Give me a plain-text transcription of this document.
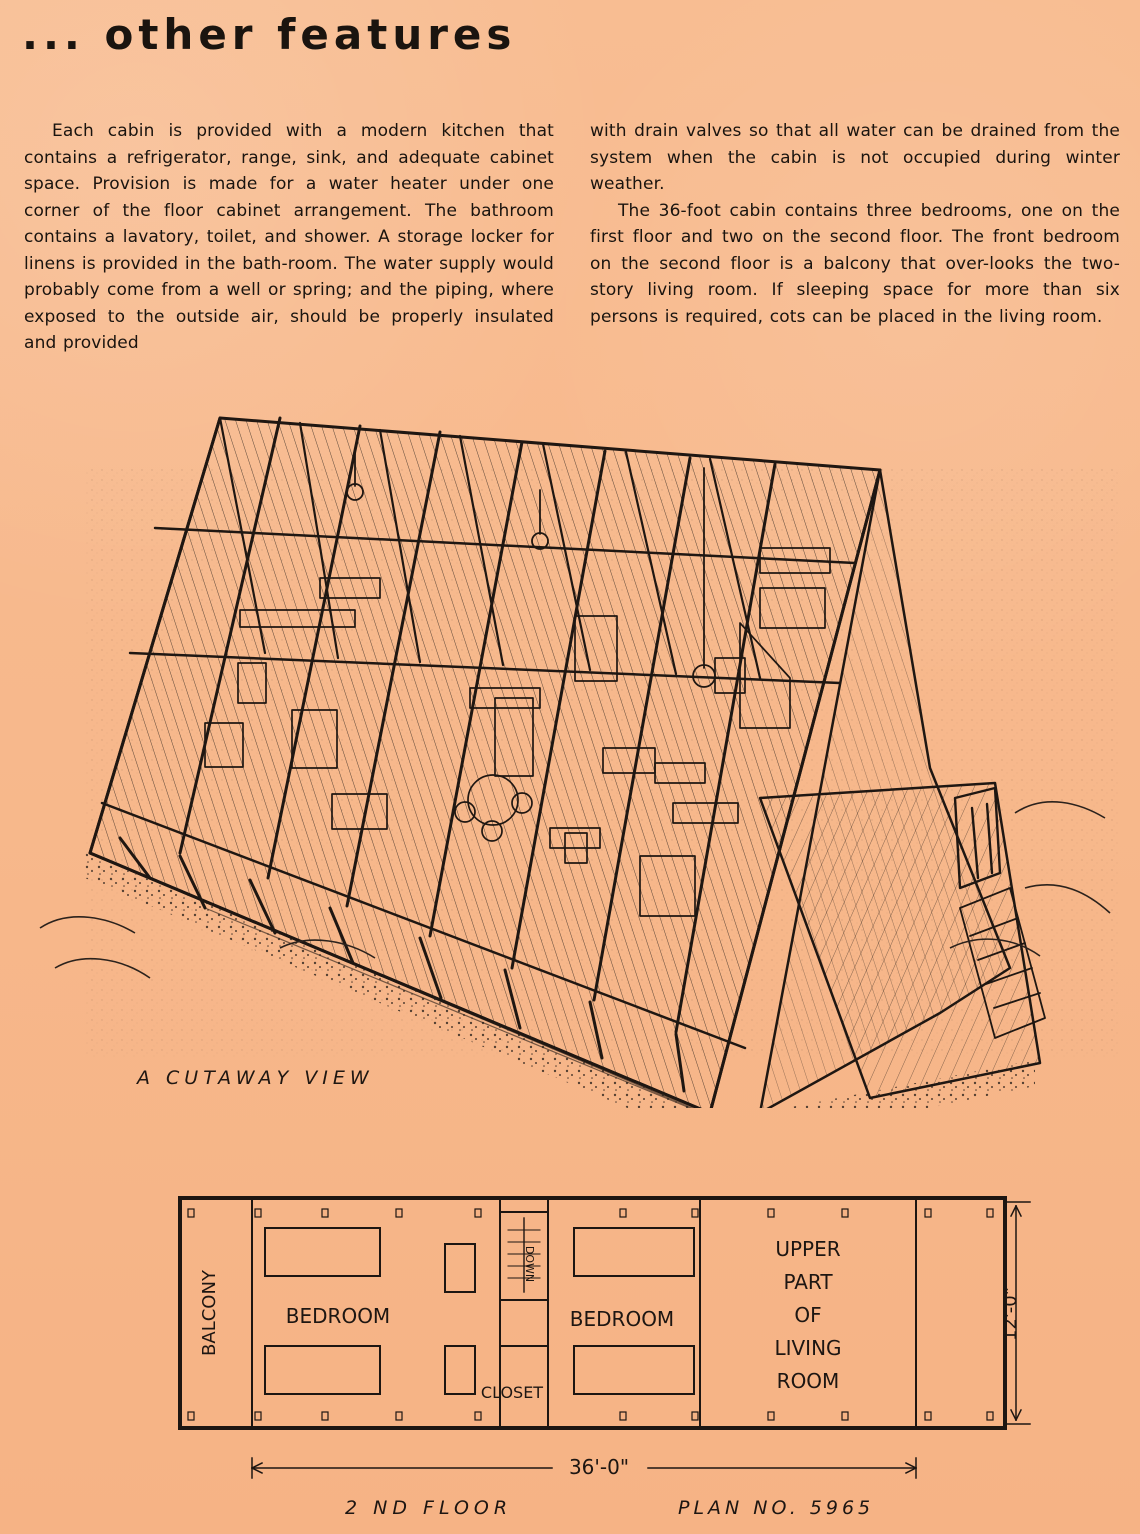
... other features

Each cabin is provided with a modern kitchen that contains a refrigerator, range, sink, and adequate cabinet space. Provision is made for a water heater under one corner of the floor cabinet arrangement. The bathroom contains a lavatory, toilet, and shower. A storage locker for linens is provided in the bath-room. The water supply would probably come from a well or spring; and the piping, where exposed to the outside air, should be properly insulated and provided

with drain valves so that all water can be drained from the system when the cabin is not occupied during winter weather.

The 36-foot cabin contains three bedrooms, one on the first floor and two on the second floor. The front bedroom on the second floor is a balcony that over-looks the two-story living room. If sleeping space for more than six persons is required, cots can be placed in the living room.

A CUTAWAY VIEW
BALCONY	BEDROOM	BEDROOM
UPPER
PART
OF
LIVING
ROOM
CLOSET
DOWN
36'-0"
12'-0"
2 ND FLOOR	PLAN NO. 5965
